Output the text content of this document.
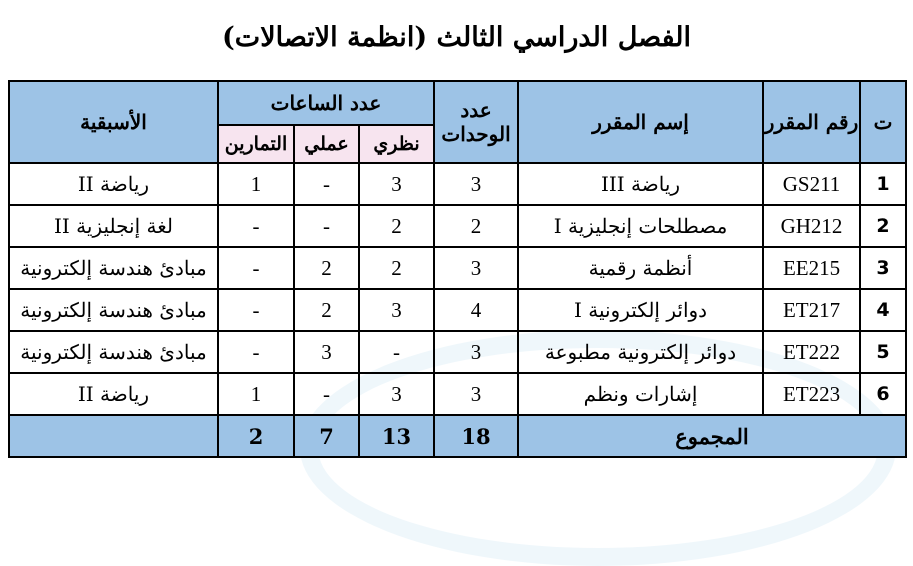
الفصل الدراسي الثالث (انظمة الاتصالات)
ت	رقم المقرر	إسم المقرر	عدد الوحدات	عدد الساعات			الأسبقية
				نظري	عملي	التمارين	
1	GS211	رياضة III	3	3	-	1	رياضة II
2	GH212	مصطلحات إنجليزية I	2	2	-	-	لغة إنجليزية II
3	EE215	أنظمة رقمية	3	2	2	-	مبادئ هندسة إلكترونية
4	ET217	دوائر إلكترونية I	4	3	2	-	مبادئ هندسة إلكترونية
5	ET222	دوائر إلكترونية مطبوعة	3	-	3	-	مبادئ هندسة إلكترونية
6	ET223	إشارات ونظم	3	3	-	1	رياضة II
المجموع			18	13	7	2	
